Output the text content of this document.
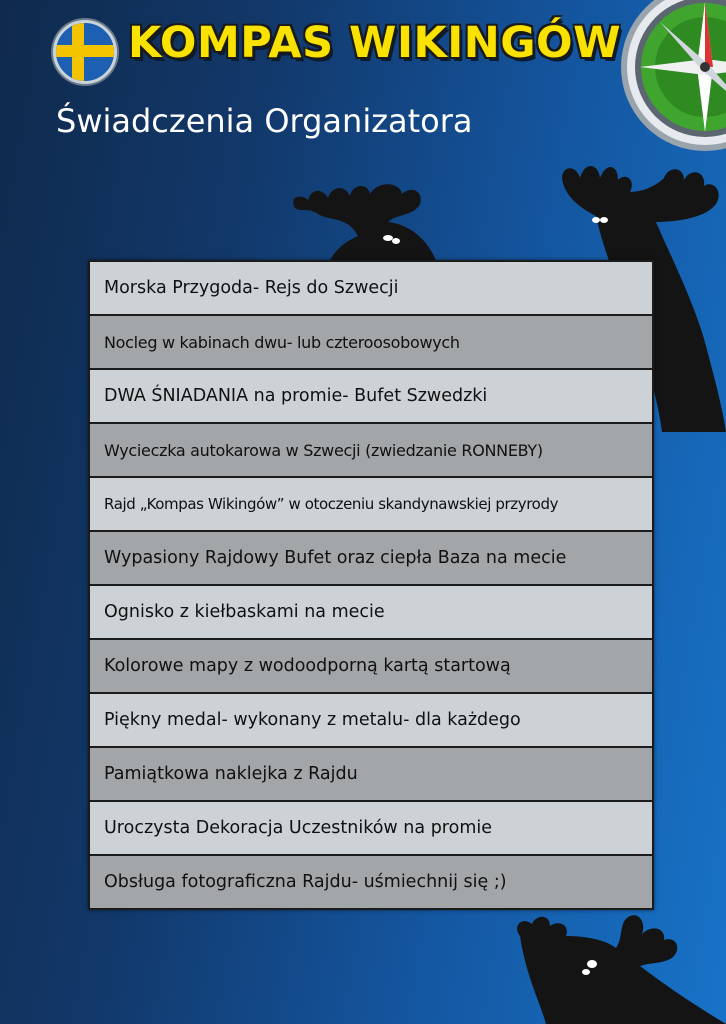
KOMPAS WIKINGÓW
Świadczenia Organizatora
Morska Przygoda- Rejs do Szwecji
Nocleg w kabinach dwu- lub czteroosobowych
DWA ŚNIADANIA na promie- Bufet Szwedzki
Wycieczka autokarowa w Szwecji (zwiedzanie RONNEBY)
Rajd „Kompas Wikingów” w otoczeniu skandynawskiej przyrody
Wypasiony Rajdowy Bufet oraz ciepła Baza na mecie
Ognisko z kiełbaskami na mecie
Kolorowe mapy z wodoodporną kartą startową
Piękny medal- wykonany z metalu- dla każdego
Pamiątkowa naklejka z Rajdu
Uroczysta Dekoracja Uczestników na promie
Obsługa fotograficzna Rajdu- uśmiechnij się ;)
